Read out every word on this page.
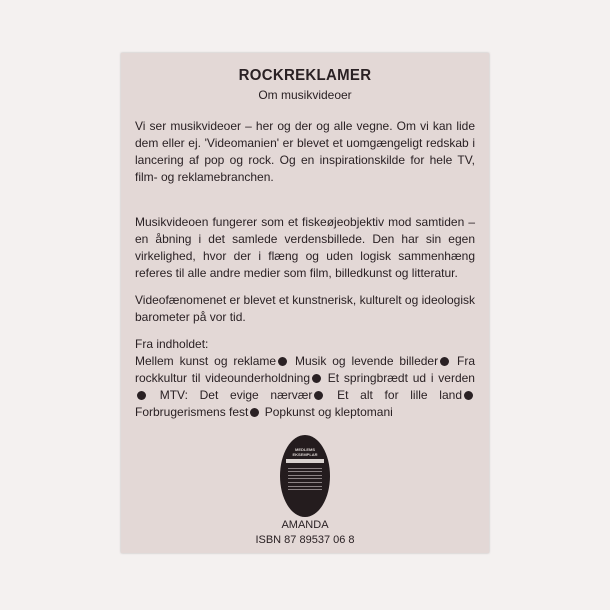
ROCKREKLAMER
Om musikvideoer
Vi ser musikvideoer – her og der og alle vegne. Om vi kan lide dem eller ej. 'Videomanien' er blevet et uomgængeligt redskab i lancering af pop og rock. Og en inspirationskilde for hele TV, film- og reklamebranchen.
Musikvideoen fungerer som et fiskeøjeobjektiv mod samtiden – en åbning i det samlede verdensbillede. Den har sin egen virkelighed, hvor der i flæng og uden logisk sammenhæng referes til alle andre medier som film, billedkunst og litteratur.
Videofænomenet er blevet et kunstnerisk, kulturelt og ideologisk barometer på vor tid.
Fra indholdet:
Mellem kunst og reklame Musik og levende billeder Fra rockkultur til videounderholdning Et springbrædt ud i verden MTV: Det evige nærvær Et alt for lille land Forbrugerismens fest Popkunst og kleptomani
MEDLEMS
EKSEMPLAR
AMANDA
ISBN 87 89537 06 8
